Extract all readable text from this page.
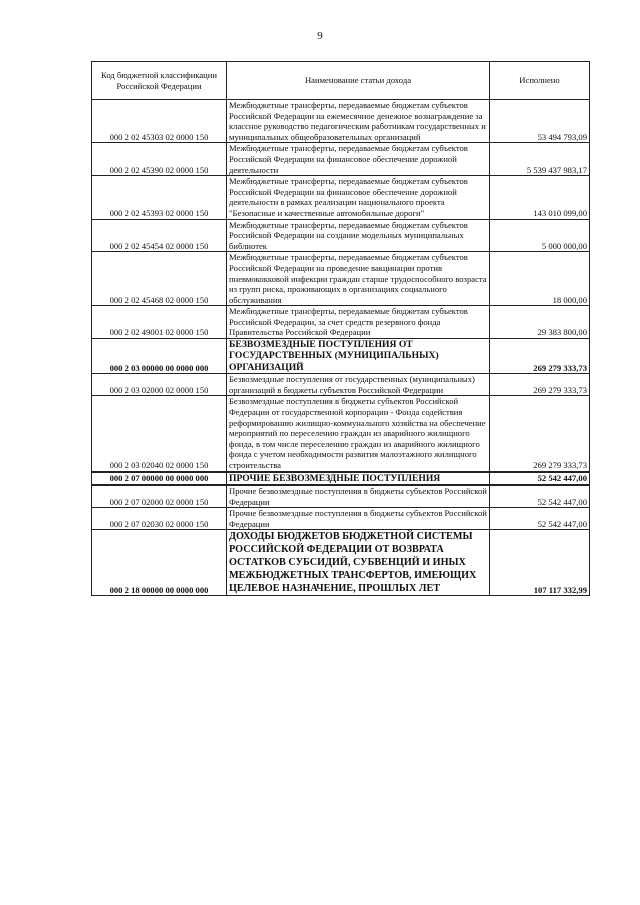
9
Код бюджетной классификации Российской Федерации	Наименование статьи дохода	Исполнено
000 2 02 45303 02 0000 150	Межбюджетные трансферты, передаваемые бюджетам субъектов Российской Федерации на ежемесячное денежное вознаграждение за классное руководство педагогическим работникам государственных и муниципальных общеобразовательных организаций	53 494 793,09
000 2 02 45390 02 0000 150	Межбюджетные трансферты, передаваемые бюджетам субъектов Российской Федерации на финансовое обеспечение дорожной деятельности	5 539 437 983,17
000 2 02 45393 02 0000 150	Межбюджетные трансферты, передаваемые бюджетам субъектов Российской Федерации на финансовое обеспечение дорожной деятельности в рамках реализации национального проекта "Безопасные и качественные автомобильные дороги"	143 010 099,00
000 2 02 45454 02 0000 150	Межбюджетные трансферты, передаваемые бюджетам субъектов Российской Федерации на создание модельных муниципальных библиотек	5 000 000,00
000 2 02 45468 02 0000 150	Межбюджетные трансферты, передаваемые бюджетам субъектов Российской Федерации на проведение вакцинации против пневмококковой инфекции граждан старше трудоспособного возраста из групп риска, проживающих в организациях социального обслуживания	18 000,00
000 2 02 49001 02 0000 150	Межбюджетные трансферты, передаваемые бюджетам субъектов Российской Федерации, за счет средств резервного фонда Правительства Российской Федерации	29 383 800,00
000 2 03 00000 00 0000 000	БЕЗВОЗМЕЗДНЫЕ ПОСТУПЛЕНИЯ ОТ ГОСУДАРСТВЕННЫХ (МУНИЦИПАЛЬНЫХ) ОРГАНИЗАЦИЙ	269 279 333,73
000 2 03 02000 02 0000 150	Безвозмездные поступления от государственных (муниципальных) организаций в бюджеты субъектов Российской Федерации	269 279 333,73
000 2 03 02040 02 0000 150	Безвозмездные поступления в бюджеты субъектов Российской Федерации от государственной корпорации - Фонда содействия реформированию жилищно-коммунального хозяйства на обеспечение мероприятий по переселению граждан из аварийного жилищного фонда, в том числе переселению граждан из аварийного жилищного фонда с учетом необходимости развития малоэтажного жилищного строительства	269 279 333,73
000 2 07 00000 00 0000 000	ПРОЧИЕ БЕЗВОЗМЕЗДНЫЕ ПОСТУПЛЕНИЯ	52 542 447,00
000 2 07 02000 02 0000 150	Прочие безвозмездные поступления в бюджеты субъектов Российской Федерации	52 542 447,00
000 2 07 02030 02 0000 150	Прочие безвозмездные поступления в бюджеты субъектов Российской Федерации	52 542 447,00
000 2 18 00000 00 0000 000	ДОХОДЫ БЮДЖЕТОВ БЮДЖЕТНОЙ СИСТЕМЫ РОССИЙСКОЙ ФЕДЕРАЦИИ ОТ ВОЗВРАТА ОСТАТКОВ СУБСИДИЙ, СУБВЕНЦИЙ И ИНЫХ МЕЖБЮДЖЕТНЫХ ТРАНСФЕРТОВ, ИМЕЮЩИХ ЦЕЛЕВОЕ НАЗНАЧЕНИЕ, ПРОШЛЫХ ЛЕТ	107 117 332,99
